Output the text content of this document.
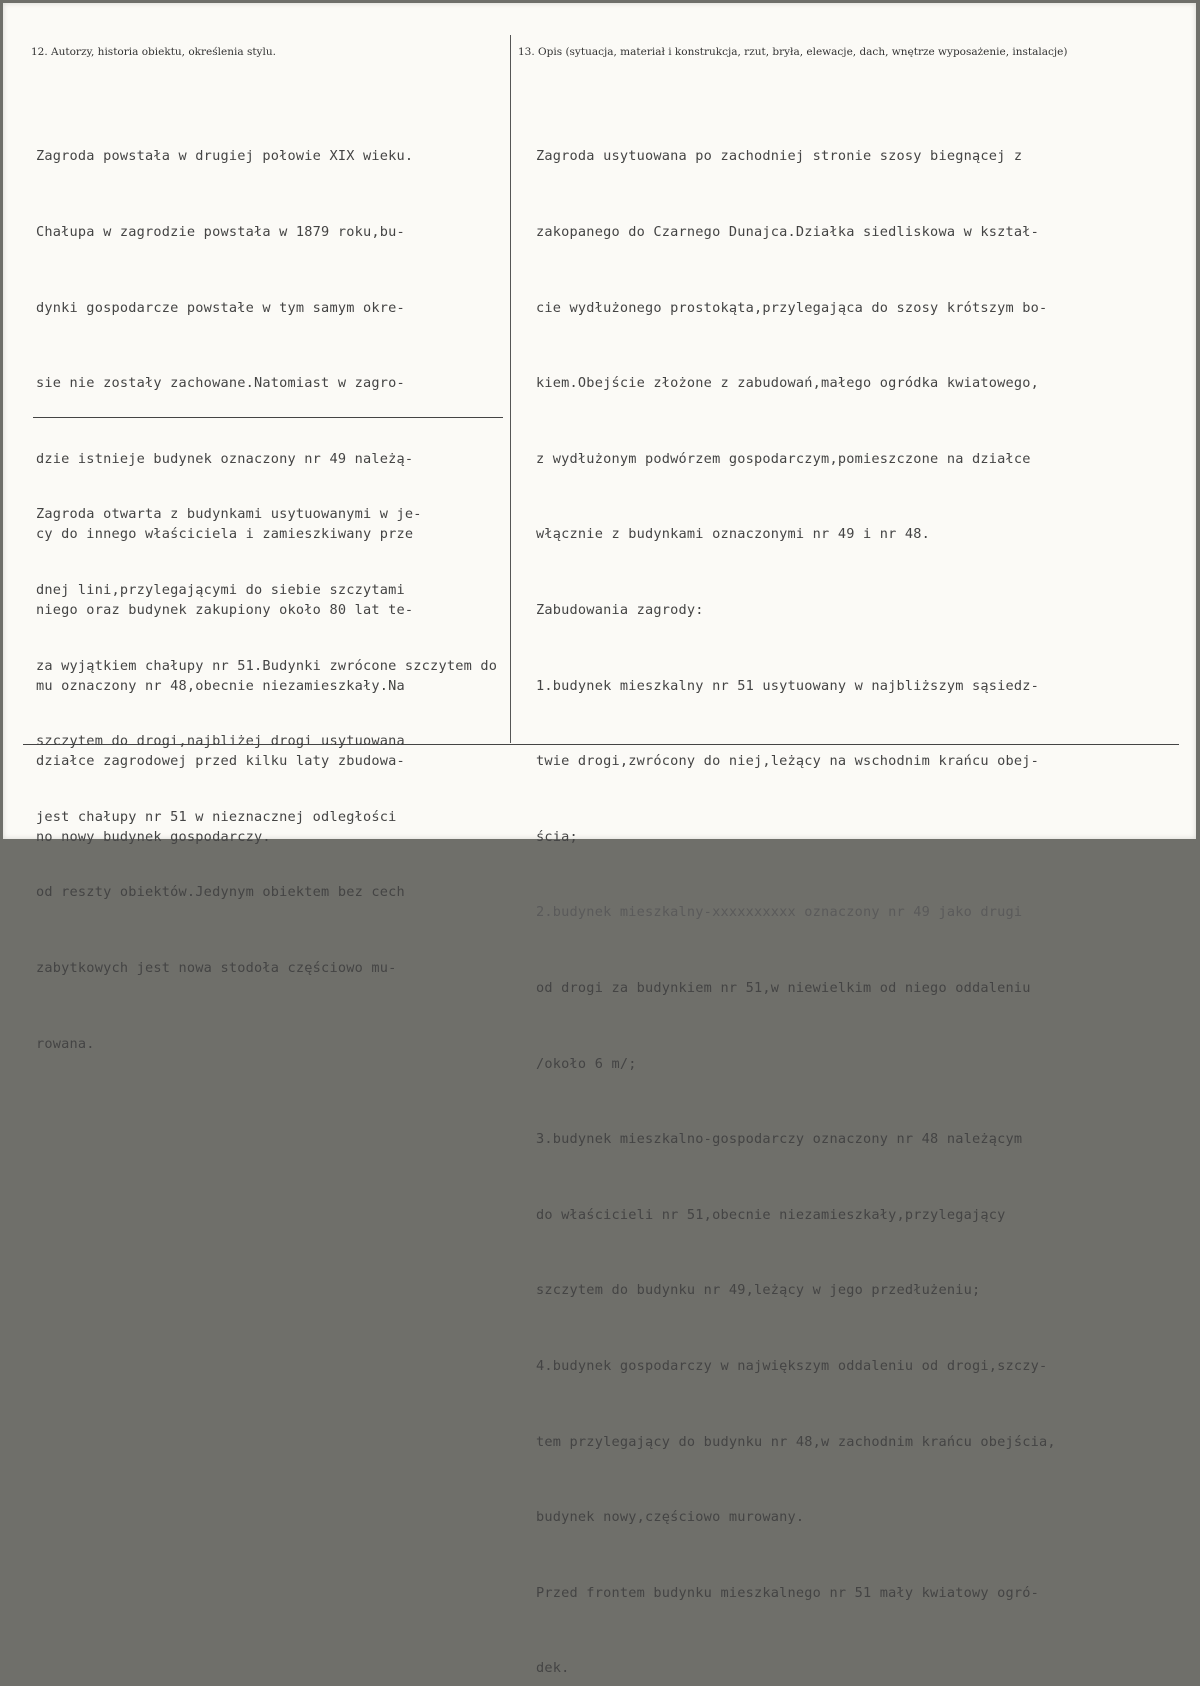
12. Autorzy, historia obiektu, określenia stylu.	13. Opis (sytuacja, materiał i konstrukcja, rzut, bryła, elewacje, dach, wnętrze wyposażenie, instalacje)

Zagroda powstała w drugiej połowie XIX wieku.

Chałupa w zagrodzie powstała w 1879 roku,bu-

dynki gospodarcze powstałe w tym samym okre-

sie nie zostały zachowane.Natomiast w zagro-

dzie istnieje budynek oznaczony nr 49 należą-

cy do innego właściciela i zamieszkiwany prze

niego oraz budynek zakupiony około 80 lat te-

mu oznaczony nr 48,obecnie niezamieszkały.Na

działce zagrodowej przed kilku laty zbudowa-

no nowy budynek gospodarczy.

Zagroda otwarta z budynkami usytuowanymi w je-

dnej lini,przylegającymi do siebie szczytami

za wyjątkiem chałupy nr 51.Budynki zwrócone szczytem do

szczytem do drogi,najbliżej drogi usytuowana

jest chałupy nr 51 w nieznacznej odległości

od reszty obiektów.Jedynym obiektem bez cech

zabytkowych jest nowa stodoła częściowo mu-

rowana.

Zagroda usytuowana po zachodniej stronie szosy biegnącej z

zakopanego do Czarnego Dunajca.Działka siedliskowa w kształ-

cie wydłużonego prostokąta,przylegająca do szosy krótszym bo-

kiem.Obejście złożone z zabudowań,małego ogródka kwiatowego,

z wydłużonym podwórzem gospodarczym,pomieszczone na działce

włącznie z budynkami oznaczonymi nr 49 i nr 48.

Zabudowania zagrody:

1.budynek mieszkalny nr 51 usytuowany w najbliższym sąsiedz-

twie drogi,zwrócony do niej,leżący na wschodnim krańcu obej-

ścia;

2.budynek mieszkalny-xxxxxxxxxx oznaczony nr 49 jako drugi

od drogi za budynkiem nr 51,w niewielkim od niego oddaleniu

/około 6 m/;

3.budynek mieszkalno-gospodarczy oznaczony nr 48 należącym

do właścicieli nr 51,obecnie niezamieszkały,przylegający

szczytem do budynku nr 49,leżący w jego przedłużeniu;

4.budynek gospodarczy w największym oddaleniu od drogi,szczy-

tem przylegający do budynku nr 48,w zachodnim krańcu obejścia,

budynek nowy,częściowo murowany.

Przed frontem budynku mieszkalnego nr 51 mały kwiatowy ogró-

dek.
